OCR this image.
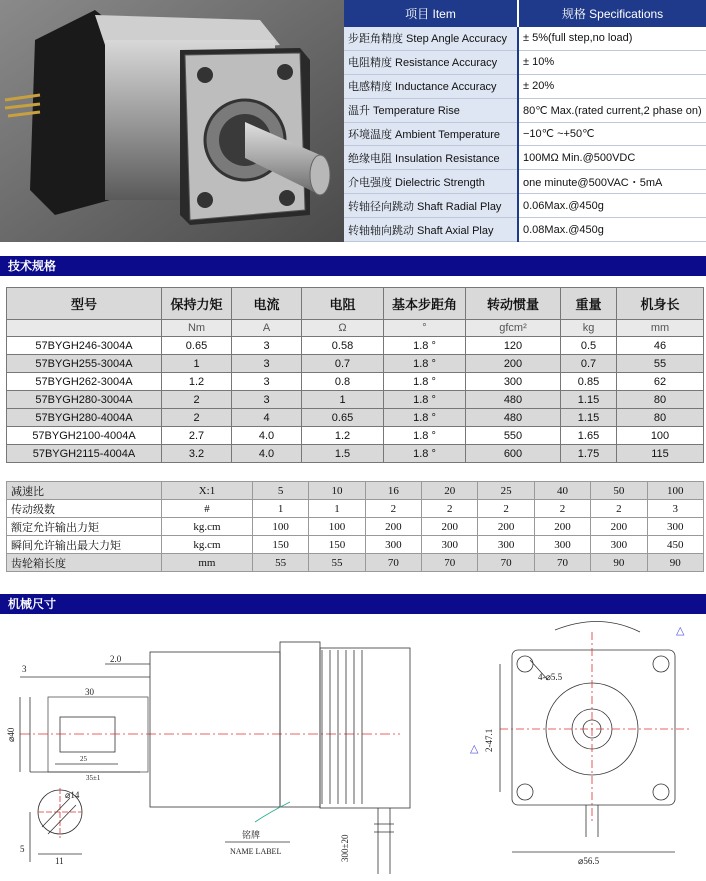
项目 Item	规格 Specifications
步距角精度 Step Angle Accuracy	± 5%(full step,no load)
电阻精度 Resistance Accuracy	± 10%
电感精度 Inductance Accuracy	± 20%
温升 Temperature Rise	80℃ Max.(rated current,2 phase on)
环境温度 Ambient Temperature	−10℃ ~+50℃
绝缘电阻 Insulation Resistance	100MΩ Min.@500VDC
介电强度 Dielectric Strength	one minute@500VAC・5mA
转轴径向跳动 Shaft Radial Play	0.06Max.@450g
转轴轴向跳动 Shaft Axial Play	0.08Max.@450g
技术规格
型号	保持力矩	电流	电阻	基本步距角	转动惯量	重量	机身长
	Nm	A	Ω	°	gfcm²	kg	mm
57BYGH246-3004A	0.65	3	0.58	1.8 °	120	0.5	46
57BYGH255-3004A	1	3	0.7	1.8 °	200	0.7	55
57BYGH262-3004A	1.2	3	0.8	1.8 °	300	0.85	62
57BYGH280-3004A	2	3	1	1.8 °	480	1.15	80
57BYGH280-4004A	2	4	0.65	1.8 °	480	1.15	80
57BYGH2100-4004A	2.7	4.0	1.2	1.8 °	550	1.65	100
57BYGH2115-4004A	3.2	4.0	1.5	1.8 °	600	1.75	115
减速比	X:1	5	10	16	20	25	40	50	100
传动级数	#	1	1	2	2	2	2	2	3
额定允许输出力矩	kg.cm	100	100	200	200	200	200	200	300
瞬间允许输出最大力矩	kg.cm	150	150	300	300	300	300	300	450
齿轮箱长度	mm	55	55	70	70	70	70	90	90
机械尺寸
3
2.0
30
⌀40
25
35±1
⌀14
5
11
铭牌
NAME LABEL	300±20
△
△
4-⌀5.5
2-47.1
⌀56.5
